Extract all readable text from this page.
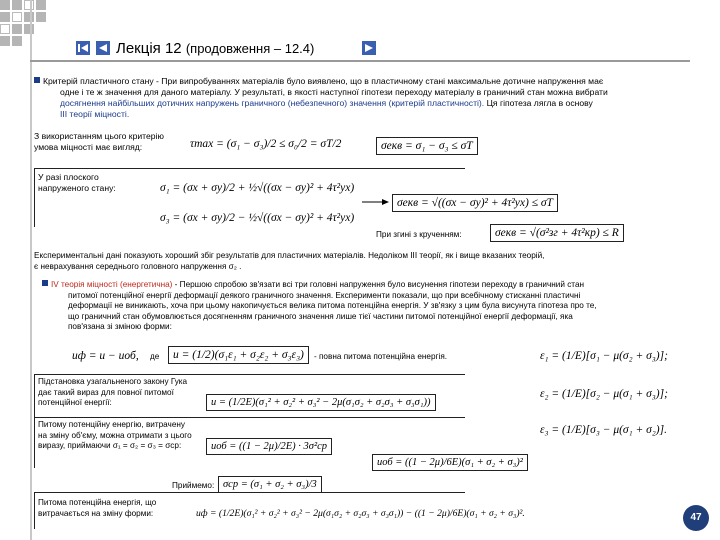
Лекція 12 (продовження – 12.4)
Критерій пластичного стану - При випробуваннях матеріалів було виявлено, що в пластичному стані максимальне дотичне напруження має
одне і те ж значення для даного матеріалу. У результаті, в якості наступної гіпотези переходу матеріалу в граничний стан можна вибрати
досягнення найбільших дотичних напружень граничного (небезпечного) значення (критерій пластичності). Ця гіпотеза лягла в основу
III теорії міцності.
З використанням цього критерію
умова міцності має вигляд:	τmax = (σ₁ − σ₃)/2 ≤ σ₀/2 = σT/2	σекв = σ₁ − σ₃ ≤ σT
У разі плоского
напруженого стану:	σ₁ = (σx + σy)/2 + ½√((σx − σy)² + 4τ²yx)
σ₃ = (σx + σy)/2 − ½√((σx − σy)² + 4τ²yx)
σекв = √((σx − σy)² + 4τ²yx) ≤ σT
При згині з крученням:	σекв = √(σ²зг + 4τ²кр) ≤ R
Експериментальні дані показують хороший збіг результатів для пластичних матеріалів. Недоліком III теорії, як і вище вказаних теорій,
є неврахування середнього головного напруження σ₂ .
IV теорія міцності (енергетична) - Першою спробою зв'язати всі три головні напруження було висунення гіпотези переходу в граничний стан
питомої потенційної енергії деформації деякого граничного значення. Експерименти показали, що при всебічному стисканні пластичні
деформації не виникають, хоча при цьому накопичується велика питома потенційна енергія. У зв'язку з цим була висунута гіпотеза про те,
що граничний стан обумовлюється досягненням граничного значення лише тієї частини питомої потенційної енергії деформації, яка
пов'язана зі зміною форми:
uф = u − uоб, де	u = (1/2)(σ₁ε₁ + σ₂ε₂ + σ₃ε₃)	- повна питома потенційна енергія.	ε₁ = (1/E)[σ₁ − μ(σ₂ + σ₃)];
ε₂ = (1/E)[σ₂ − μ(σ₁ + σ₃)];
ε₃ = (1/E)[σ₃ − μ(σ₁ + σ₂)].
Підстановка узагальненого закону Гука
дає такий вираз для повної питомої
потенційної енергії:	u = (1/2E)(σ₁² + σ₂² + σ₃² − 2μ(σ₁σ₂ + σ₂σ₃ + σ₃σ₁))
Питому потенційну енергію, витрачену
на зміну об'єму, можна отримати з цього
виразу, приймаючи σ₁ = σ₂ = σ₃ = σср:	uоб = ((1 − 2μ)/2E) · 3σ²ср
uоб = ((1 − 2μ)/6E)(σ₁ + σ₂ + σ₃)²
Приймемо: σср = (σ₁ + σ₂ + σ₃)/3
Питома потенційна енергія, що
витрачається на зміну форми:	uф = (1/2E)(σ₁² + σ₂² + σ₃² − 2μ(σ₁σ₂ + σ₂σ₃ + σ₃σ₁)) − ((1 − 2μ)/6E)(σ₁ + σ₂ + σ₃)².	47
